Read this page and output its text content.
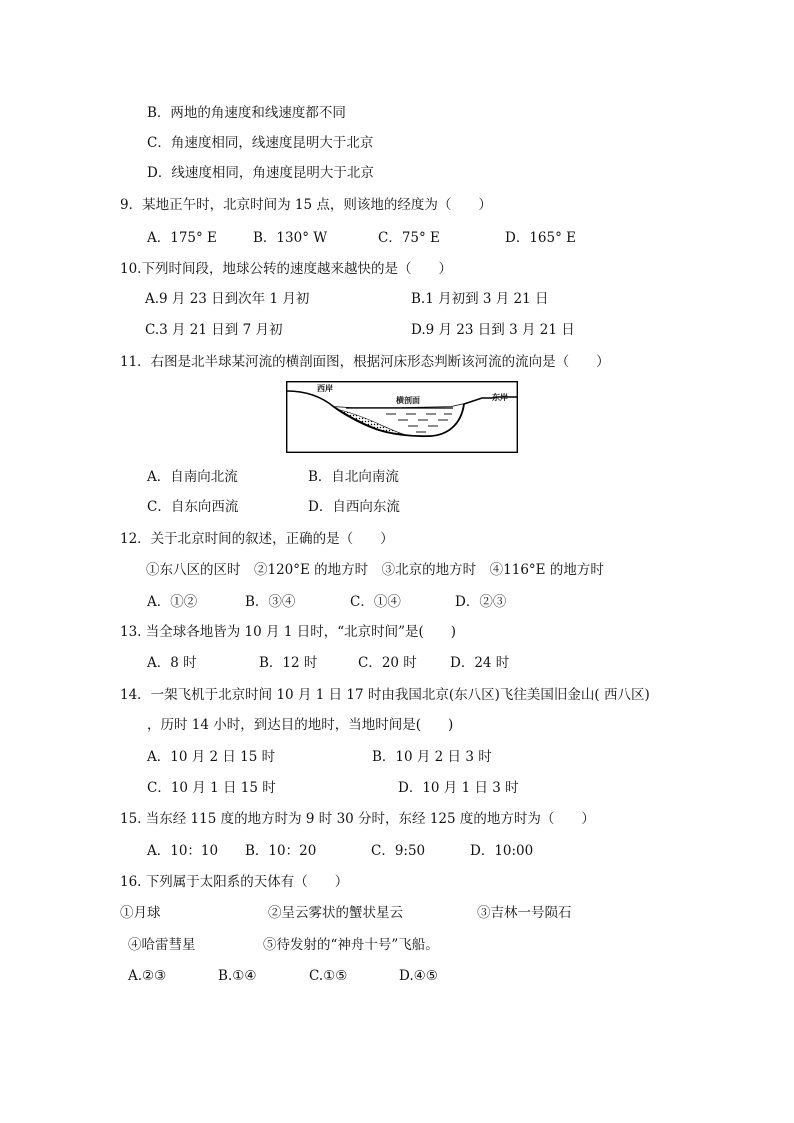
B．两地的角速度和线速度都不同
C．角速度相同，线速度昆明大于北京
D．线速度相同，角速度昆明大于北京
9．某地正午时，北京时间为 15 点，则该地的经度为（　　）
A．175° E	B．130° W	C．75° E	D．165° E
10.下列时间段，地球公转的速度越来越快的是（　　）
A.9 月 23 日到次年 1 月初	B.1 月初到 3 月 21 日
C.3 月 21 日到 7 月初	D.9 月 23 日到 3 月 21 日
11．右图是北半球某河流的横剖面图，根据河床形态判断该河流的流向是（　　）
西岸
横剖面	东岸
A．自南向北流	B．自北向南流
C．自东向西流	D．自西向东流
12．关于北京时间的叙述，正确的是（　　）
①东八区的区时　②120°E 的地方时　③北京的地方时　④116°E 的地方时
A．①②	B．③④	C．①④	D．②③
13. 当全球各地皆为 10 月 1 日时，“北京时间”是(　　)
A．8 时	B．12 时	C．20 时 D．24 时
14．一架飞机于北京时间 10 月 1 日 17 时由我国北京(东八区)飞往美国旧金山( 西八区)
，历时 14 小时，到达目的地时，当地时间是(　　)
A．10 月 2 日 15 时	B．10 月 2 日 3 时
C．10 月 1 日 15 时	D．10 月 1 日 3 时
15. 当东经 115 度的地方时为 9 时 30 分时，东经 125 度的地方时为（　　）
A．10：10 B．10：20	C．9:50	D．10:00
16. 下列属于太阳系的天体有（　　）
①月球	②呈云雾状的蟹状星云	③吉林一号陨石
④哈雷彗星　　　　　⑤待发射的“神舟十号”飞船。
A.②③	B.①④	C.①⑤	D.④⑤
